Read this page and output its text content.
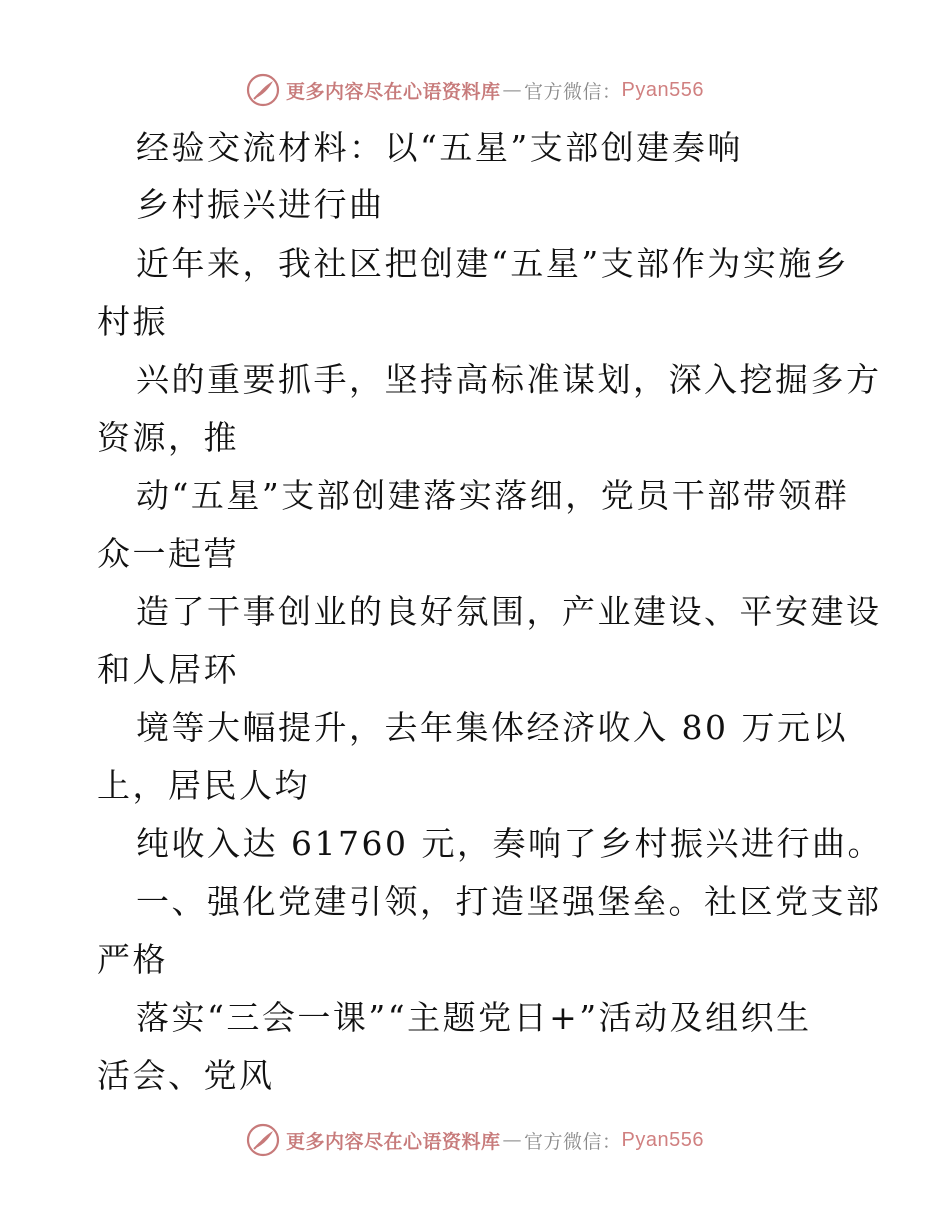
更多内容尽在心语资料库 — 官方微信： Pyan556
经验交流材料：以“五星”支部创建奏响
乡村振兴进行曲
近年来，我社区把创建“五星”支部作为实施乡
村振
兴的重要抓手，坚持高标准谋划，深入挖掘多方
资源，推
动“五星”支部创建落实落细，党员干部带领群
众一起营
造了干事创业的良好氛围，产业建设、平安建设
和人居环
境等大幅提升，去年集体经济收入 80 万元以
上，居民人均
纯收入达 61760 元，奏响了乡村振兴进行曲。
一、强化党建引领，打造坚强堡垒。社区党支部
严格
落实“三会一课”“主题党日+”活动及组织生
活会、党风
更多内容尽在心语资料库 — 官方微信： Pyan556
